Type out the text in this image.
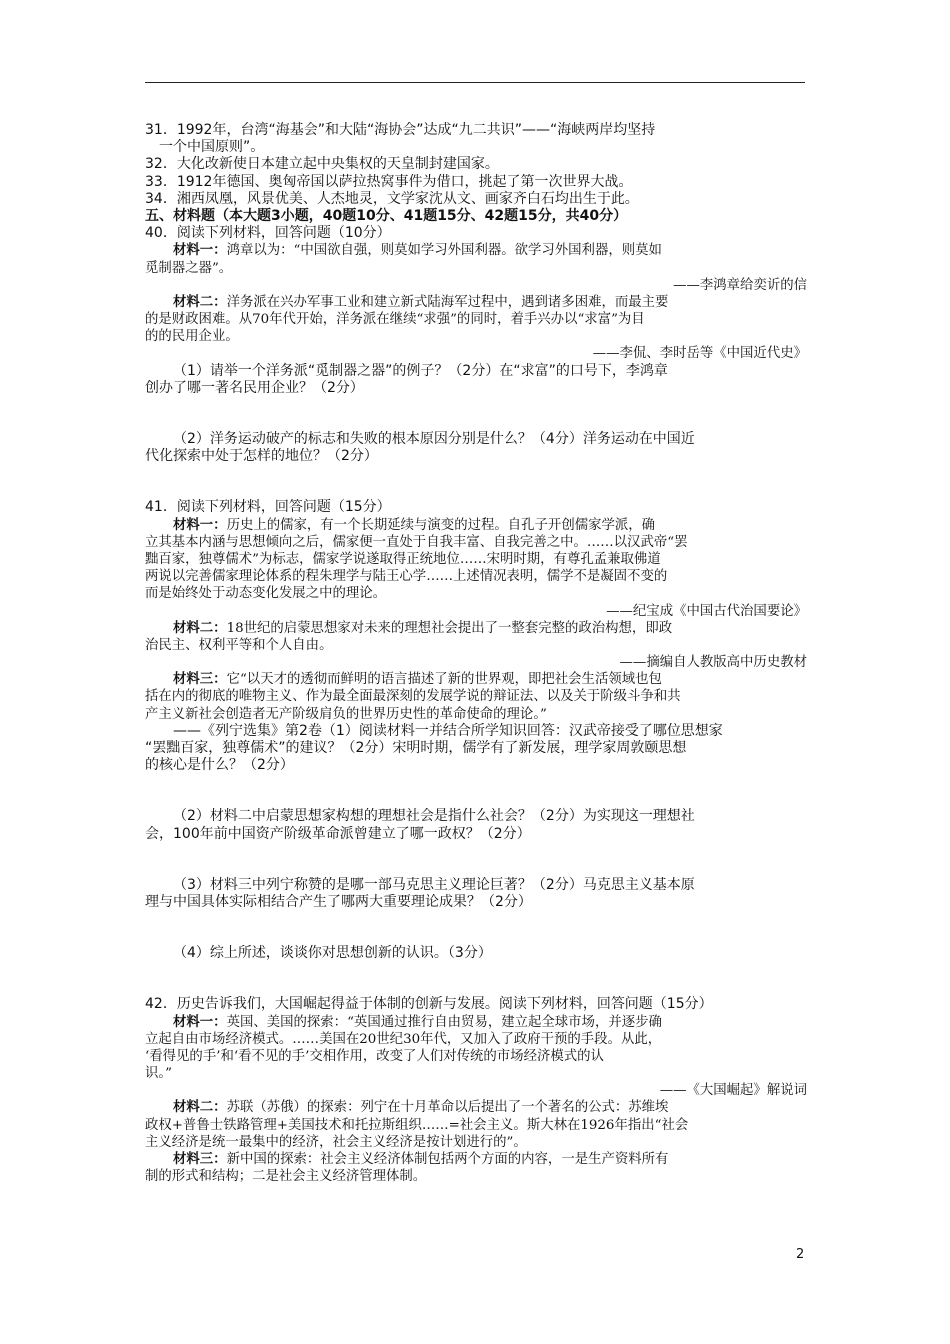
31．1992年，台湾“海基会”和大陆“海协会”达成“九二共识”——“海峡两岸均坚持
一个中国原则”。
32．大化改新使日本建立起中央集权的天皇制封建国家。
33．1912年德国、奥匈帝国以萨拉热窝事件为借口，挑起了第一次世界大战。
34．湘西凤凰，风景优美、人杰地灵，文学家沈从文、画家齐白石均出生于此。
五、材料题（本大题3小题，40题10分、41题15分、42题15分，共40分）
40．阅读下列材料，回答问题（10分）
材料一：鸿章以为：“中国欲自强，则莫如学习外国利器。欲学习外国利器，则莫如
觅制器之器”。
——李鸿章给奕䜣的信
材料二：洋务派在兴办军事工业和建立新式陆海军过程中，遇到诸多困难，而最主要
的是财政困难。从70年代开始，洋务派在继续“求强”的同时，着手兴办以“求富”为目
的的民用企业。
——李侃、李时岳等《中国近代史》
（1）请举一个洋务派“觅制器之器”的例子？（2分）在“求富”的口号下，李鸿章
创办了哪一著名民用企业？（2分）
（2）洋务运动破产的标志和失败的根本原因分别是什么？（4分）洋务运动在中国近
代化探索中处于怎样的地位？（2分）
41．阅读下列材料，回答问题（15分）
材料一：历史上的儒家，有一个长期延续与演变的过程。自孔子开创儒家学派，确
立其基本内涵与思想倾向之后，儒家便一直处于自我丰富、自我完善之中。……以汉武帝“罢
黜百家，独尊儒术”为标志，儒家学说遂取得正统地位……宋明时期，有尊孔孟兼取佛道
两说以完善儒家理论体系的程朱理学与陆王心学……上述情况表明，儒学不是凝固不变的
而是始终处于动态变化发展之中的理论。
——纪宝成《中国古代治国要论》
材料二：18世纪的启蒙思想家对未来的理想社会提出了一整套完整的政治构想，即政
治民主、权利平等和个人自由。
——摘编自人教版高中历史教材
材料三：它“以天才的透彻而鲜明的语言描述了新的世界观，即把社会生活领域也包
括在内的彻底的唯物主义、作为最全面最深刻的发展学说的辩证法、以及关于阶级斗争和共
产主义新社会创造者无产阶级肩负的世界历史性的革命使命的理论。”
——《列宁选集》第2卷（1）阅读材料一并结合所学知识回答：汉武帝接受了哪位思想家
“罢黜百家，独尊儒术”的建议？（2分）宋明时期，儒学有了新发展，理学家周敦颐思想
的核心是什么？（2分）
（2）材料二中启蒙思想家构想的理想社会是指什么社会？（2分）为实现这一理想社
会，100年前中国资产阶级革命派曾建立了哪一政权？（2分）
（3）材料三中列宁称赞的是哪一部马克思主义理论巨著？（2分）马克思主义基本原
理与中国具体实际相结合产生了哪两大重要理论成果？（2分）
（4）综上所述，谈谈你对思想创新的认识。（3分）
42．历史告诉我们，大国崛起得益于体制的创新与发展。阅读下列材料，回答问题（15分）
材料一：英国、美国的探索：“英国通过推行自由贸易，建立起全球市场，并逐步确
立起自由市场经济模式。……美国在20世纪30年代，又加入了政府干预的手段。从此，
‘看得见的手’和‘看不见的手’交相作用，改变了人们对传统的市场经济模式的认
识。”
——《大国崛起》解说词
材料二：苏联（苏俄）的探索：列宁在十月革命以后提出了一个著名的公式：苏维埃
政权+普鲁士铁路管理+美国技术和托拉斯组织……=社会主义。斯大林在1926年指出“社会
主义经济是统一最集中的经济，社会主义经济是按计划进行的”。
材料三：新中国的探索：社会主义经济体制包括两个方面的内容，一是生产资料所有
制的形式和结构；二是社会主义经济管理体制。
2
